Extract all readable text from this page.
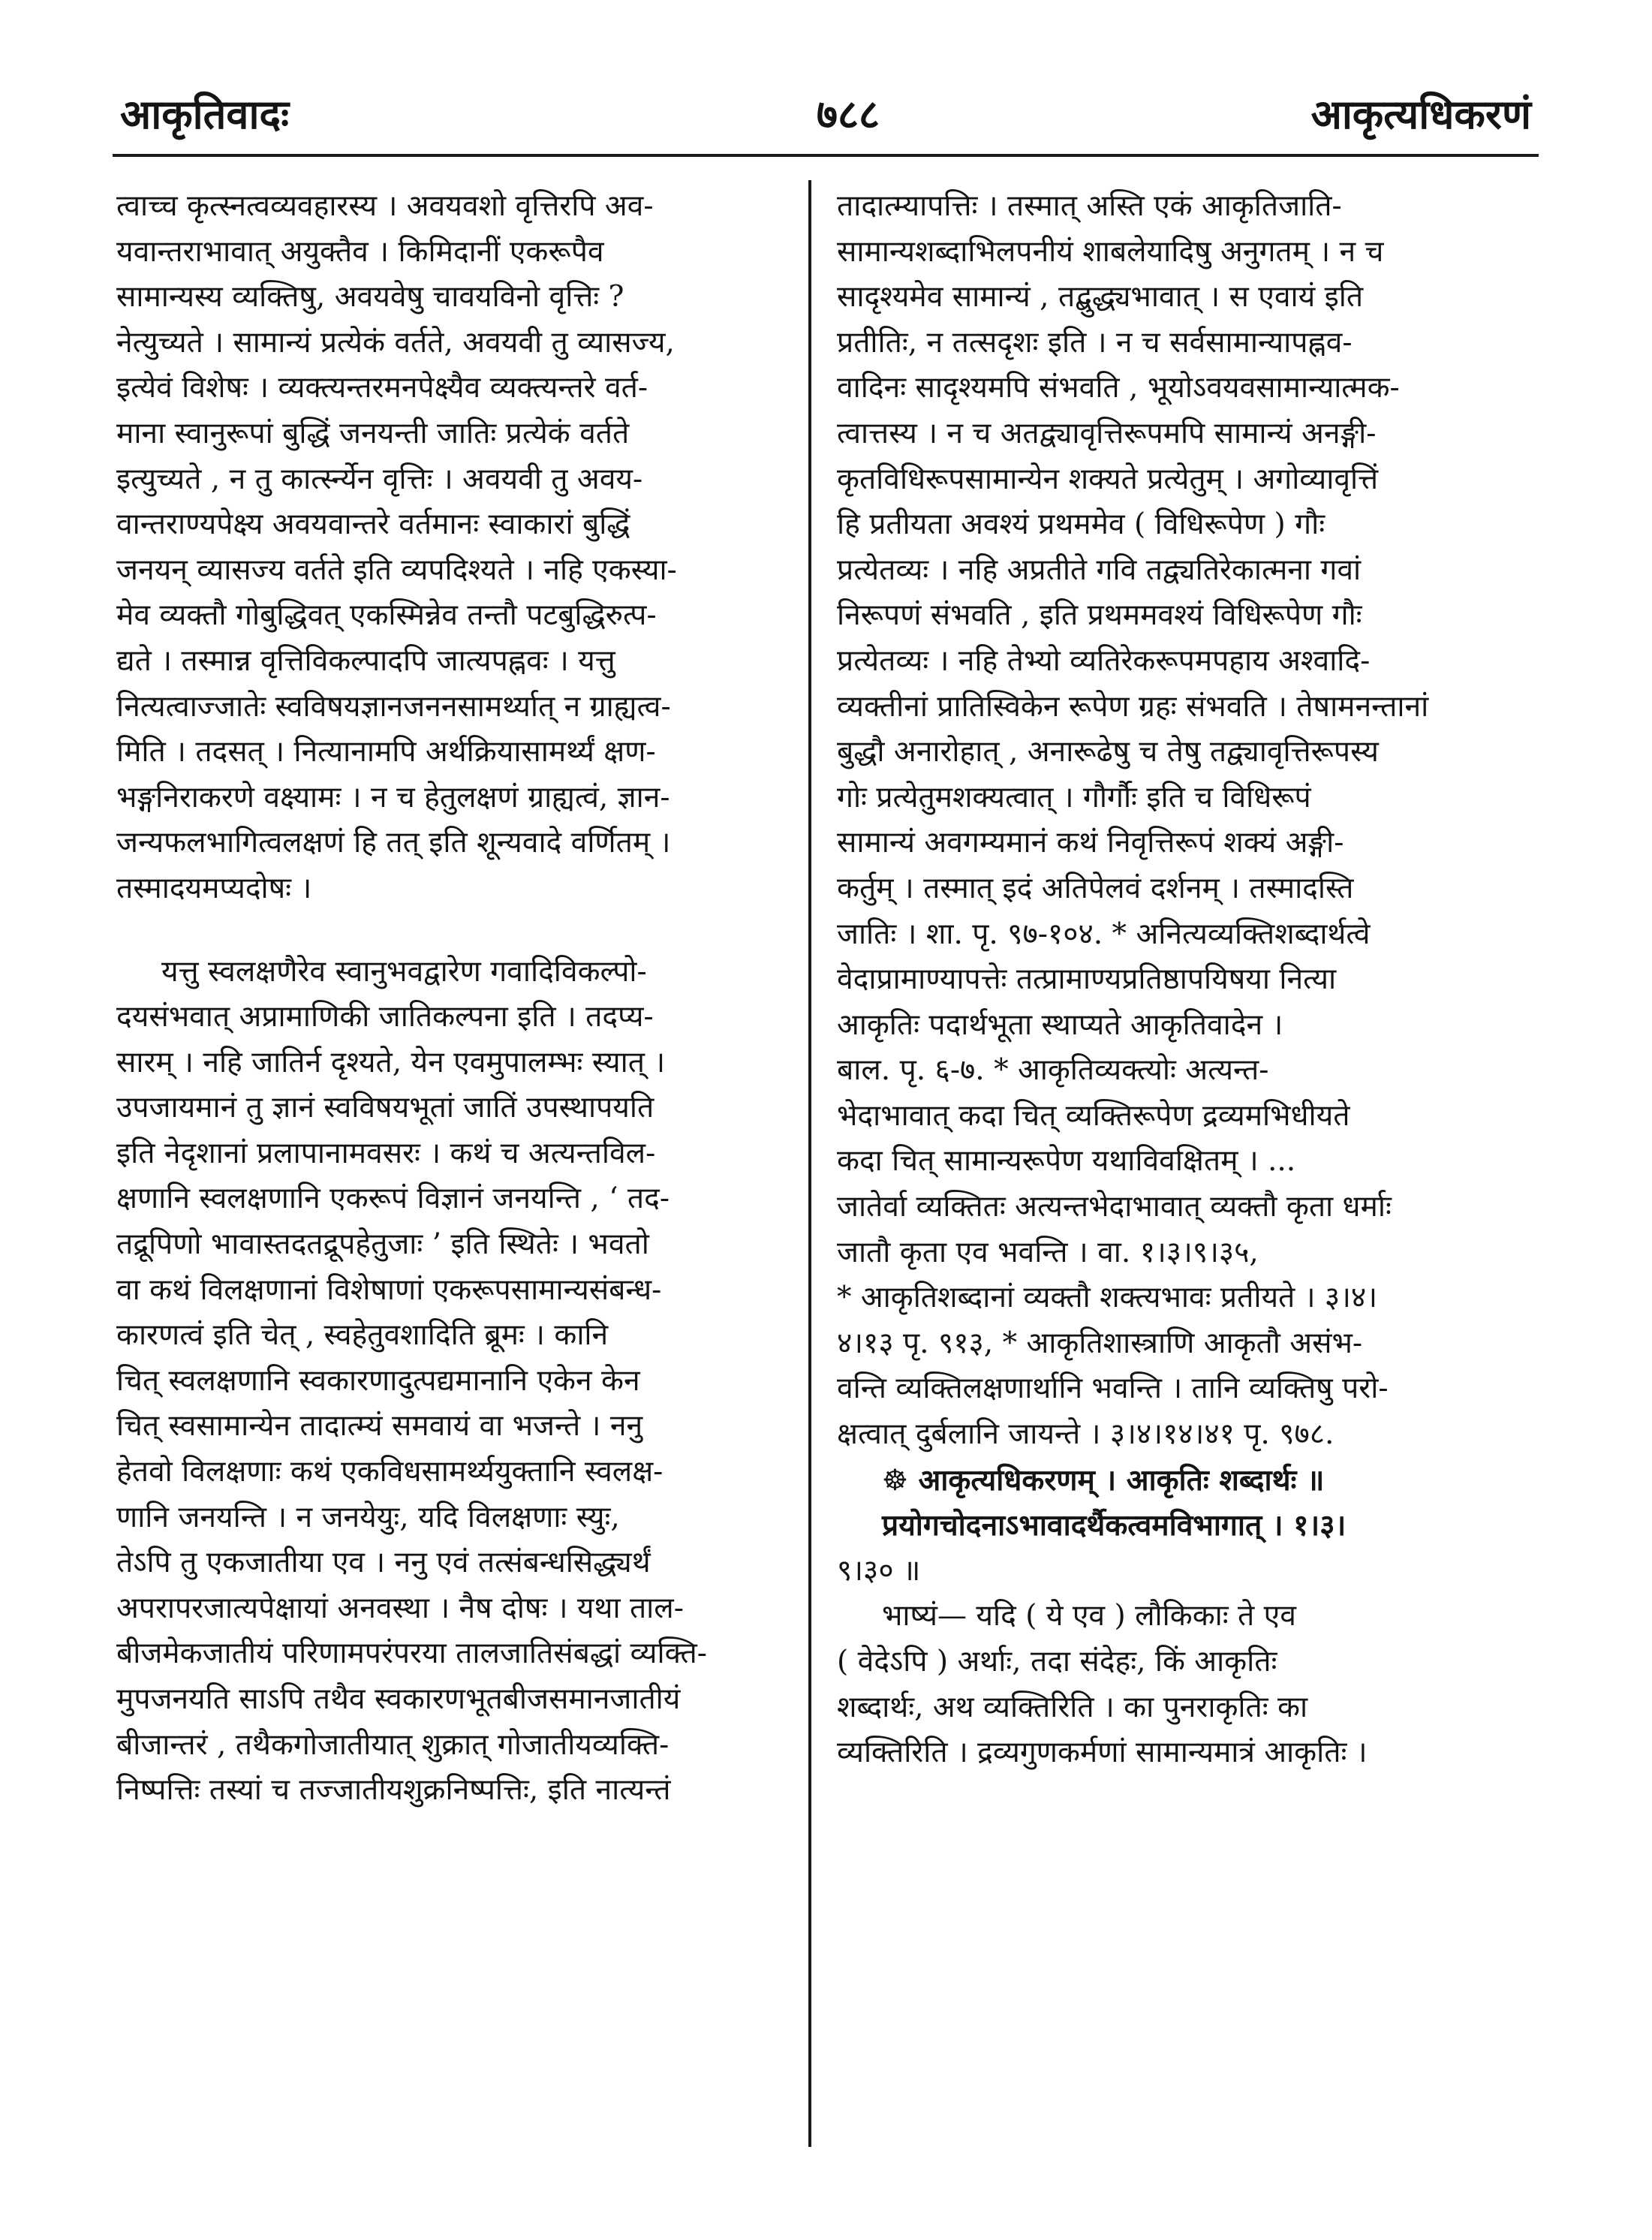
आकृतिवादः	७८८	आकृत्यधिकरणं
त्वाच्च कृत्स्नत्वव्यवहारस्य । अवयवशो वृत्तिरपि अव-
यवान्तराभावात् अयुक्तैव । किमिदानीं एकरूपैव
सामान्यस्य व्यक्तिषु, अवयवेषु चावयविनो वृत्तिः ?
नेत्युच्यते । सामान्यं प्रत्येकं वर्तते, अवयवी तु व्यासज्य,
इत्येवं विशेषः । व्यक्त्यन्तरमनपेक्ष्यैव व्यक्त्यन्तरे वर्त-
माना स्वानुरूपां बुद्धिं जनयन्ती जातिः प्रत्येकं वर्तते
इत्युच्यते , न तु कार्त्स्न्येन वृत्तिः । अवयवी तु अवय-
वान्तराण्यपेक्ष्य अवयवान्तरे वर्तमानः स्वाकारां बुद्धिं
जनयन् व्यासज्य वर्तते इति व्यपदिश्यते । नहि एकस्या-
मेव व्यक्तौ गोबुद्धिवत् एकस्मिन्नेव तन्तौ पटबुद्धिरुत्प-
द्यते । तस्मान्न वृत्तिविकल्पादपि जात्यपह्नवः । यत्तु
नित्यत्वाज्जातेः स्वविषयज्ञानजननसामर्थ्यात् न ग्राह्यत्व-
मिति । तदसत् । नित्यानामपि अर्थक्रियासामर्थ्यं क्षण-
भङ्गनिराकरणे वक्ष्यामः । न च हेतुलक्षणं ग्राह्यत्वं, ज्ञान-
जन्यफलभागित्वलक्षणं हि तत् इति शून्यवादे वर्णितम् ।
तस्मादयमप्यदोषः ।
यत्तु स्वलक्षणैरेव स्वानुभवद्वारेण गवादिविकल्पो-
दयसंभवात् अप्रामाणिकी जातिकल्पना इति । तदप्य-
सारम् । नहि जातिर्न दृश्यते, येन एवमुपालम्भः स्यात् ।
उपजायमानं तु ज्ञानं स्वविषयभूतां जातिं उपस्थापयति
इति नेदृशानां प्रलापानामवसरः । कथं च अत्यन्तविल-
क्षणानि स्वलक्षणानि एकरूपं विज्ञानं जनयन्ति , ‘ तद-
तद्रूपिणो भावास्तदतद्रूपहेतुजाः ’ इति स्थितेः । भवतो
वा कथं विलक्षणानां विशेषाणां एकरूपसामान्यसंबन्ध-
कारणत्वं इति चेत् , स्वहेतुवशादिति ब्रूमः । कानि
चित् स्वलक्षणानि स्वकारणादुत्पद्यमानानि एकेन केन
चित् स्वसामान्येन तादात्म्यं समवायं वा भजन्ते । ननु
हेतवो विलक्षणाः कथं एकविधसामर्थ्ययुक्तानि स्वलक्ष-
णानि जनयन्ति । न जनयेयुः, यदि विलक्षणाः स्युः,
तेऽपि तु एकजातीया एव । ननु एवं तत्संबन्धसिद्ध्यर्थं
अपरापरजात्यपेक्षायां अनवस्था । नैष दोषः । यथा ताल-
बीजमेकजातीयं परिणामपरंपरया तालजातिसंबद्धां व्यक्ति-
मुपजनयति साऽपि तथैव स्वकारणभूतबीजसमानजातीयं
बीजान्तरं , तथैकगोजातीयात् शुक्रात् गोजातीयव्यक्ति-
निष्पत्तिः तस्यां च तज्जातीयशुक्रनिष्पत्तिः, इति नात्यन्तं
तादात्म्यापत्तिः । तस्मात् अस्ति एकं आकृतिजाति-
सामान्यशब्दाभिलपनीयं शाबलेयादिषु अनुगतम् । न च
सादृश्यमेव सामान्यं , तद्बुद्ध्यभावात् । स एवायं इति
प्रतीतिः, न तत्सदृशः इति । न च सर्वसामान्यापह्नव-
वादिनः सादृश्यमपि संभवति , भूयोऽवयवसामान्यात्मक-
त्वात्तस्य । न च अतद्व्यावृत्तिरूपमपि सामान्यं अनङ्गी-
कृतविधिरूपसामान्येन शक्यते प्रत्येतुम् । अगोव्यावृत्तिं
हि प्रतीयता अवश्यं प्रथममेव ( विधिरूपेण ) गौः
प्रत्येतव्यः । नहि अप्रतीते गवि तद्व्यतिरेकात्मना गवां
निरूपणं संभवति , इति प्रथममवश्यं विधिरूपेण गौः
प्रत्येतव्यः । नहि तेभ्यो व्यतिरेकरूपमपहाय अश्वादि-
व्यक्तीनां प्रातिस्विकेन रूपेण ग्रहः संभवति । तेषामनन्तानां
बुद्धौ अनारोहात् , अनारूढेषु च तेषु तद्व्यावृत्तिरूपस्य
गोः प्रत्येतुमशक्यत्वात् । गौर्गौः इति च विधिरूपं
सामान्यं अवगम्यमानं कथं निवृत्तिरूपं शक्यं अङ्गी-
कर्तुम् । तस्मात् इदं अतिपेलवं दर्शनम् । तस्मादस्ति
जातिः । शा. पृ. ९७-१०४. * अनित्यव्यक्तिशब्दार्थत्वे
वेदाप्रामाण्यापत्तेः तत्प्रामाण्यप्रतिष्ठापयिषया नित्या
आकृतिः पदार्थभूता स्थाप्यते आकृतिवादेन ।
बाल. पृ. ६-७. * आकृतिव्यक्त्योः अत्यन्त-
भेदाभावात् कदा चित् व्यक्तिरूपेण द्रव्यमभिधीयते
कदा चित् सामान्यरूपेण यथाविवक्षितम् । ...
जातेर्वा व्यक्तितः अत्यन्तभेदाभावात् व्यक्तौ कृता धर्माः
जातौ कृता एव भवन्ति । वा. १।३।९।३५,
* आकृतिशब्दानां व्यक्तौ शक्त्यभावः प्रतीयते । ३।४।
४।१३ पृ. ९१३, * आकृतिशास्त्राणि आकृतौ असंभ-
वन्ति व्यक्तिलक्षणार्थानि भवन्ति । तानि व्यक्तिषु परो-
क्षत्वात् दुर्बलानि जायन्ते । ३।४।१४।४१ पृ. ९७८.
☸ आकृत्यधिकरणम् । आकृतिः शब्दार्थः ॥
प्रयोगचोदनाऽभावादर्थैकत्वमविभागात् । १।३।
९।३० ॥
भाष्यं— यदि ( ये एव ) लौकिकाः ते एव
( वेदेऽपि ) अर्थाः, तदा संदेहः, किं आकृतिः
शब्दार्थः, अथ व्यक्तिरिति । का पुनराकृतिः का
व्यक्तिरिति । द्रव्यगुणकर्मणां सामान्यमात्रं आकृतिः ।
